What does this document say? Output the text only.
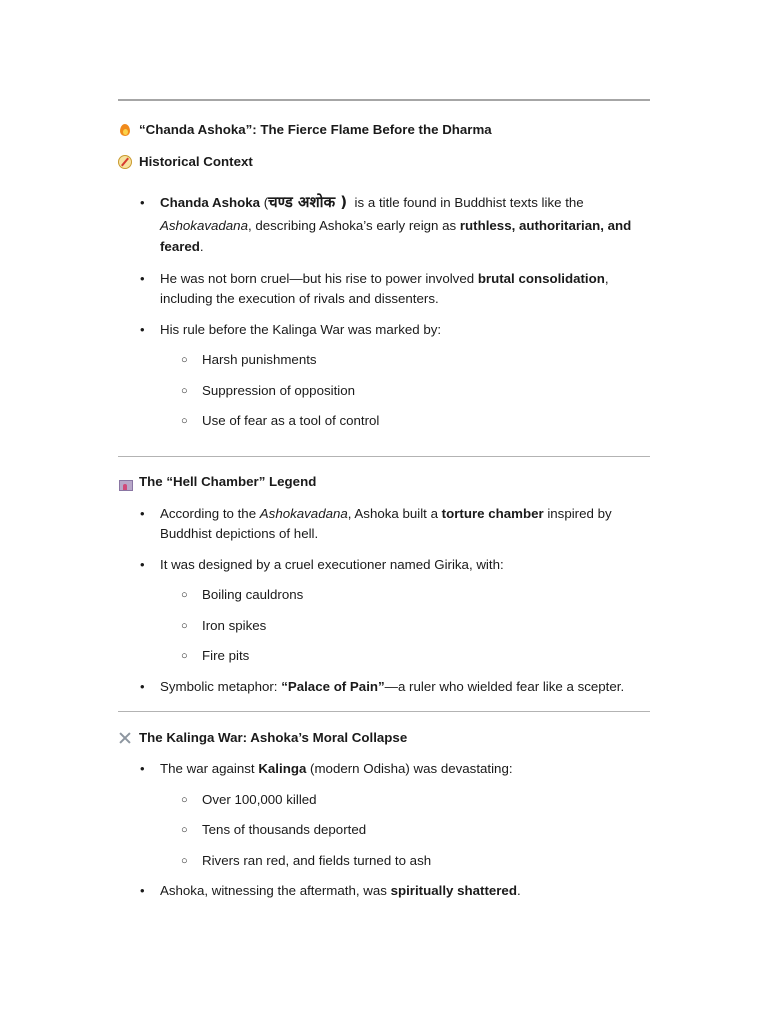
“Chanda Ashoka”: The Fierce Flame Before the Dharma
Historical Context
• Chanda Ashoka (चण्ड अशोक )  is a title found in Buddhist texts like the
Ashokavadana, describing Ashoka’s early reign as ruthless, authoritarian, and feared.
• He was not born cruel—but his rise to power involved brutal consolidation, including the execution of rivals and dissenters.
• His rule before the Kalinga War was marked by:
○ Harsh punishments
○ Suppression of opposition
○ Use of fear as a tool of control
The “Hell Chamber” Legend
• According to the Ashokavadana, Ashoka built a torture chamber inspired by Buddhist depictions of hell.
• It was designed by a cruel executioner named Girika, with:
○ Boiling cauldrons
○ Iron spikes
○ Fire pits
• Symbolic metaphor: “Palace of Pain”—a ruler who wielded fear like a scepter.
The Kalinga War: Ashoka’s Moral Collapse
• The war against Kalinga (modern Odisha) was devastating:
○ Over 100,000 killed
○ Tens of thousands deported
○ Rivers ran red, and fields turned to ash
• Ashoka, witnessing the aftermath, was spiritually shattered.
